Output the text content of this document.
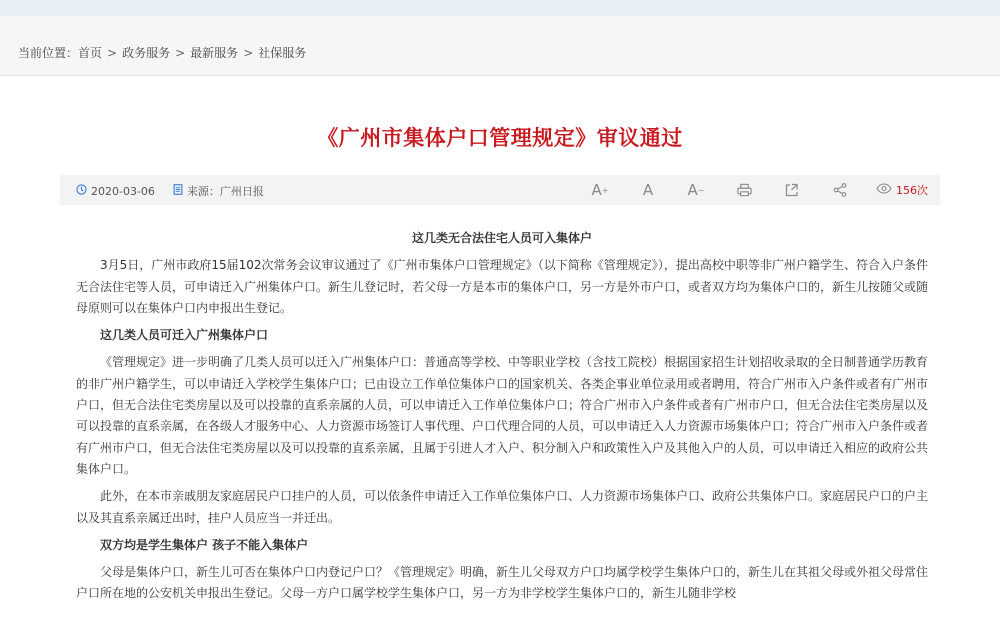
当前位置：首页 > 政务服务 > 最新服务 > 社保服务
《广州市集体户口管理规定》审议通过
2020-03-06	来源：广州日报	A + A A −	156次
这几类无合法住宅人员可入集体户

3月5日，广州市政府15届102次常务会议审议通过了《广州市集体户口管理规定》（以下简称《管理规定》），提出高校中职等非广州户籍学生、符合入户条件无合法住宅等人员，可申请迁入广州集体户口。新生儿登记时，若父母一方是本市的集体户口，另一方是外市户口，或者双方均为集体户口的，新生儿按随父或随母原则可以在集体户口内申报出生登记。

这几类人员可迁入广州集体户口

《管理规定》进一步明确了几类人员可以迁入广州集体户口：普通高等学校、中等职业学校（含技工院校）根据国家招生计划招收录取的全日制普通学历教育的非广州户籍学生，可以申请迁入学校学生集体户口；已由设立工作单位集体户口的国家机关、各类企事业单位录用或者聘用，符合广州市入户条件或者有广州市户口，但无合法住宅类房屋以及可以投靠的直系亲属的人员，可以申请迁入工作单位集体户口；符合广州市入户条件或者有广州市户口，但无合法住宅类房屋以及可以投靠的直系亲属，在各级人才服务中心、人力资源市场签订人事代理、户口代理合同的人员，可以申请迁入人力资源市场集体户口；符合广州市入户条件或者有广州市户口，但无合法住宅类房屋以及可以投靠的直系亲属，且属于引进人才入户、积分制入户和政策性入户及其他入户的人员，可以申请迁入相应的政府公共集体户口。

此外，在本市亲戚朋友家庭居民户口挂户的人员，可以依条件申请迁入工作单位集体户口、人力资源市场集体户口、政府公共集体户口。家庭居民户口的户主以及其直系亲属迁出时，挂户人员应当一并迁出。

双方均是学生集体户 孩子不能入集体户

父母是集体户口，新生儿可否在集体户口内登记户口？《管理规定》明确，新生儿父母双方户口均属学校学生集体户口的，新生儿在其祖父母或外祖父母常住户口所在地的公安机关申报出生登记。父母一方户口属学校学生集体户口，另一方为非学校学生集体户口的，新生儿随非学校
